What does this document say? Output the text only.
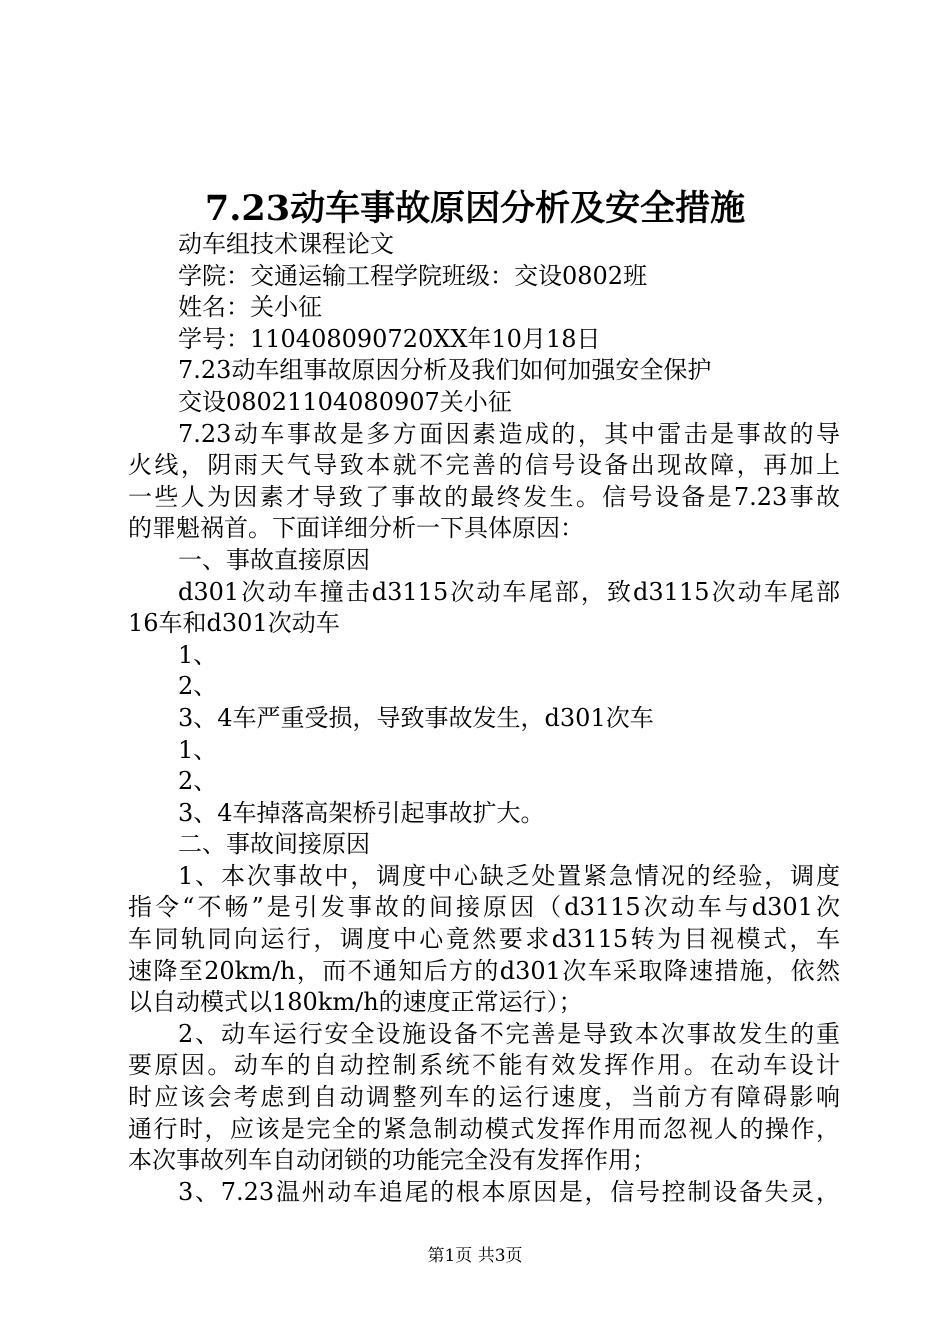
7.23动车事故原因分析及安全措施
动车组技术课程论文
学院：交通运输工程学院班级：交设0802班
姓名：关小征
学号：110408090720XX年10月18日
7.23动车组事故原因分析及我们如何加强安全保护
交设08021104080907关小征
7.23动车事故是多方面因素造成的，其中雷击是事故的导
火线，阴雨天气导致本就不完善的信号设备出现故障，再加上
一些人为因素才导致了事故的最终发生。信号设备是7.23事故
的罪魁祸首。下面详细分析一下具体原因：
一、事故直接原因
d301次动车撞击d3115次动车尾部，致d3115次动车尾部
16车和d301次动车
1、
2、
3、4车严重受损，导致事故发生，d301次车
1、
2、
3、4车掉落高架桥引起事故扩大。
二、事故间接原因
1、本次事故中，调度中心缺乏处置紧急情况的经验，调度
指令“不畅”是引发事故的间接原因（d3115次动车与d301次
车同轨同向运行，调度中心竟然要求d3115转为目视模式，车
速降至20km/h，而不通知后方的d301次车采取降速措施，依然
以自动模式以180km/h的速度正常运行）；
2、动车运行安全设施设备不完善是导致本次事故发生的重
要原因。动车的自动控制系统不能有效发挥作用。在动车设计
时应该会考虑到自动调整列车的运行速度，当前方有障碍影响
通行时，应该是完全的紧急制动模式发挥作用而忽视人的操作，
本次事故列车自动闭锁的功能完全没有发挥作用；
3、7.23温州动车追尾的根本原因是，信号控制设备失灵，
第1页 共3页
